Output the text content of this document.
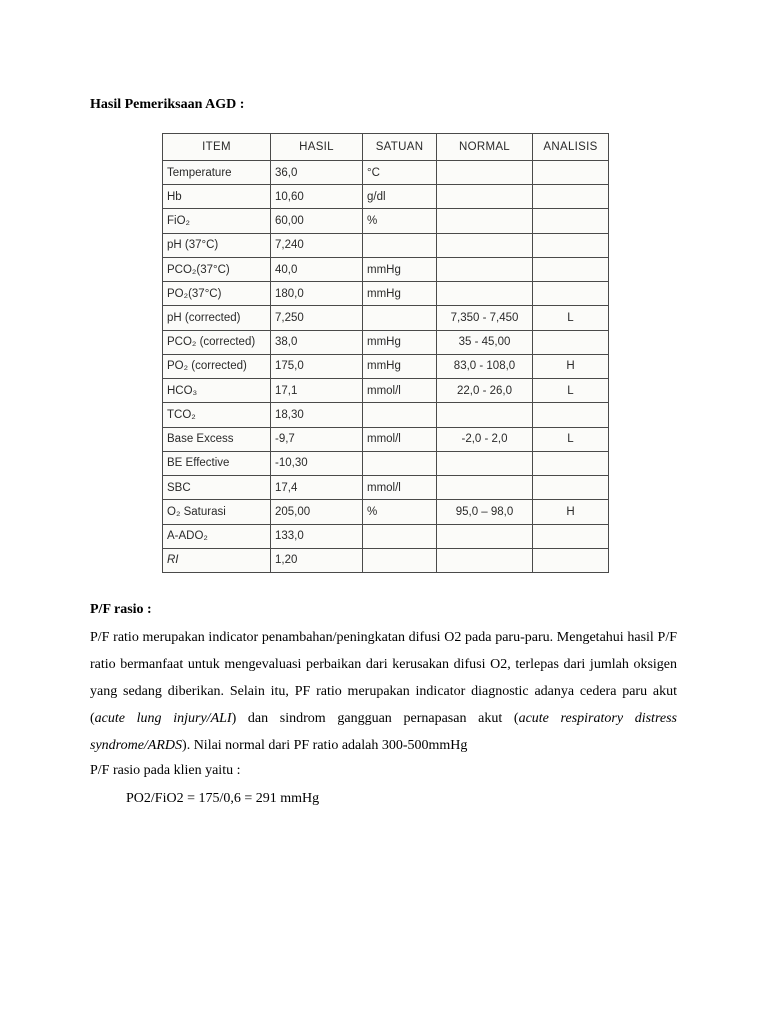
Hasil Pemeriksaan AGD :
ITEM	HASIL	SATUAN	NORMAL	ANALISIS
Temperature	36,0	°C		
Hb	10,60	g/dl		
FiO₂	60,00	%		
pH (37°C)	7,240			
PCO₂(37°C)	40,0	mmHg		
PO₂(37°C)	180,0	mmHg		
pH (corrected)	7,250		7,350 - 7,450	L
PCO₂ (corrected)	38,0	mmHg	35 - 45,00	
PO₂ (corrected)	175,0	mmHg	83,0 - 108,0	H
HCO₃	17,1	mmol/l	22,0 - 26,0	L
TCO₂	18,30			
Base Excess	-9,7	mmol/l	-2,0 - 2,0	L
BE Effective	-10,30			
SBC	17,4	mmol/l		
O₂ Saturasi	205,00	%	95,0 – 98,0	H
A-ADO₂	133,0			
RI	1,20			
P/F rasio :

P/F ratio merupakan indicator penambahan/peningkatan difusi O2 pada paru-paru. Mengetahui hasil P/F ratio bermanfaat untuk mengevaluasi perbaikan dari kerusakan difusi O2, terlepas dari jumlah oksigen yang sedang diberikan. Selain itu, PF ratio merupakan indicator diagnostic adanya cedera paru akut (acute lung injury/ALI) dan sindrom gangguan pernapasan akut (acute respiratory distress syndrome/ARDS). Nilai normal dari PF ratio adalah 300-500mmHg

P/F rasio pada klien yaitu :
PO2/FiO2 = 175/0,6 = 291 mmHg
